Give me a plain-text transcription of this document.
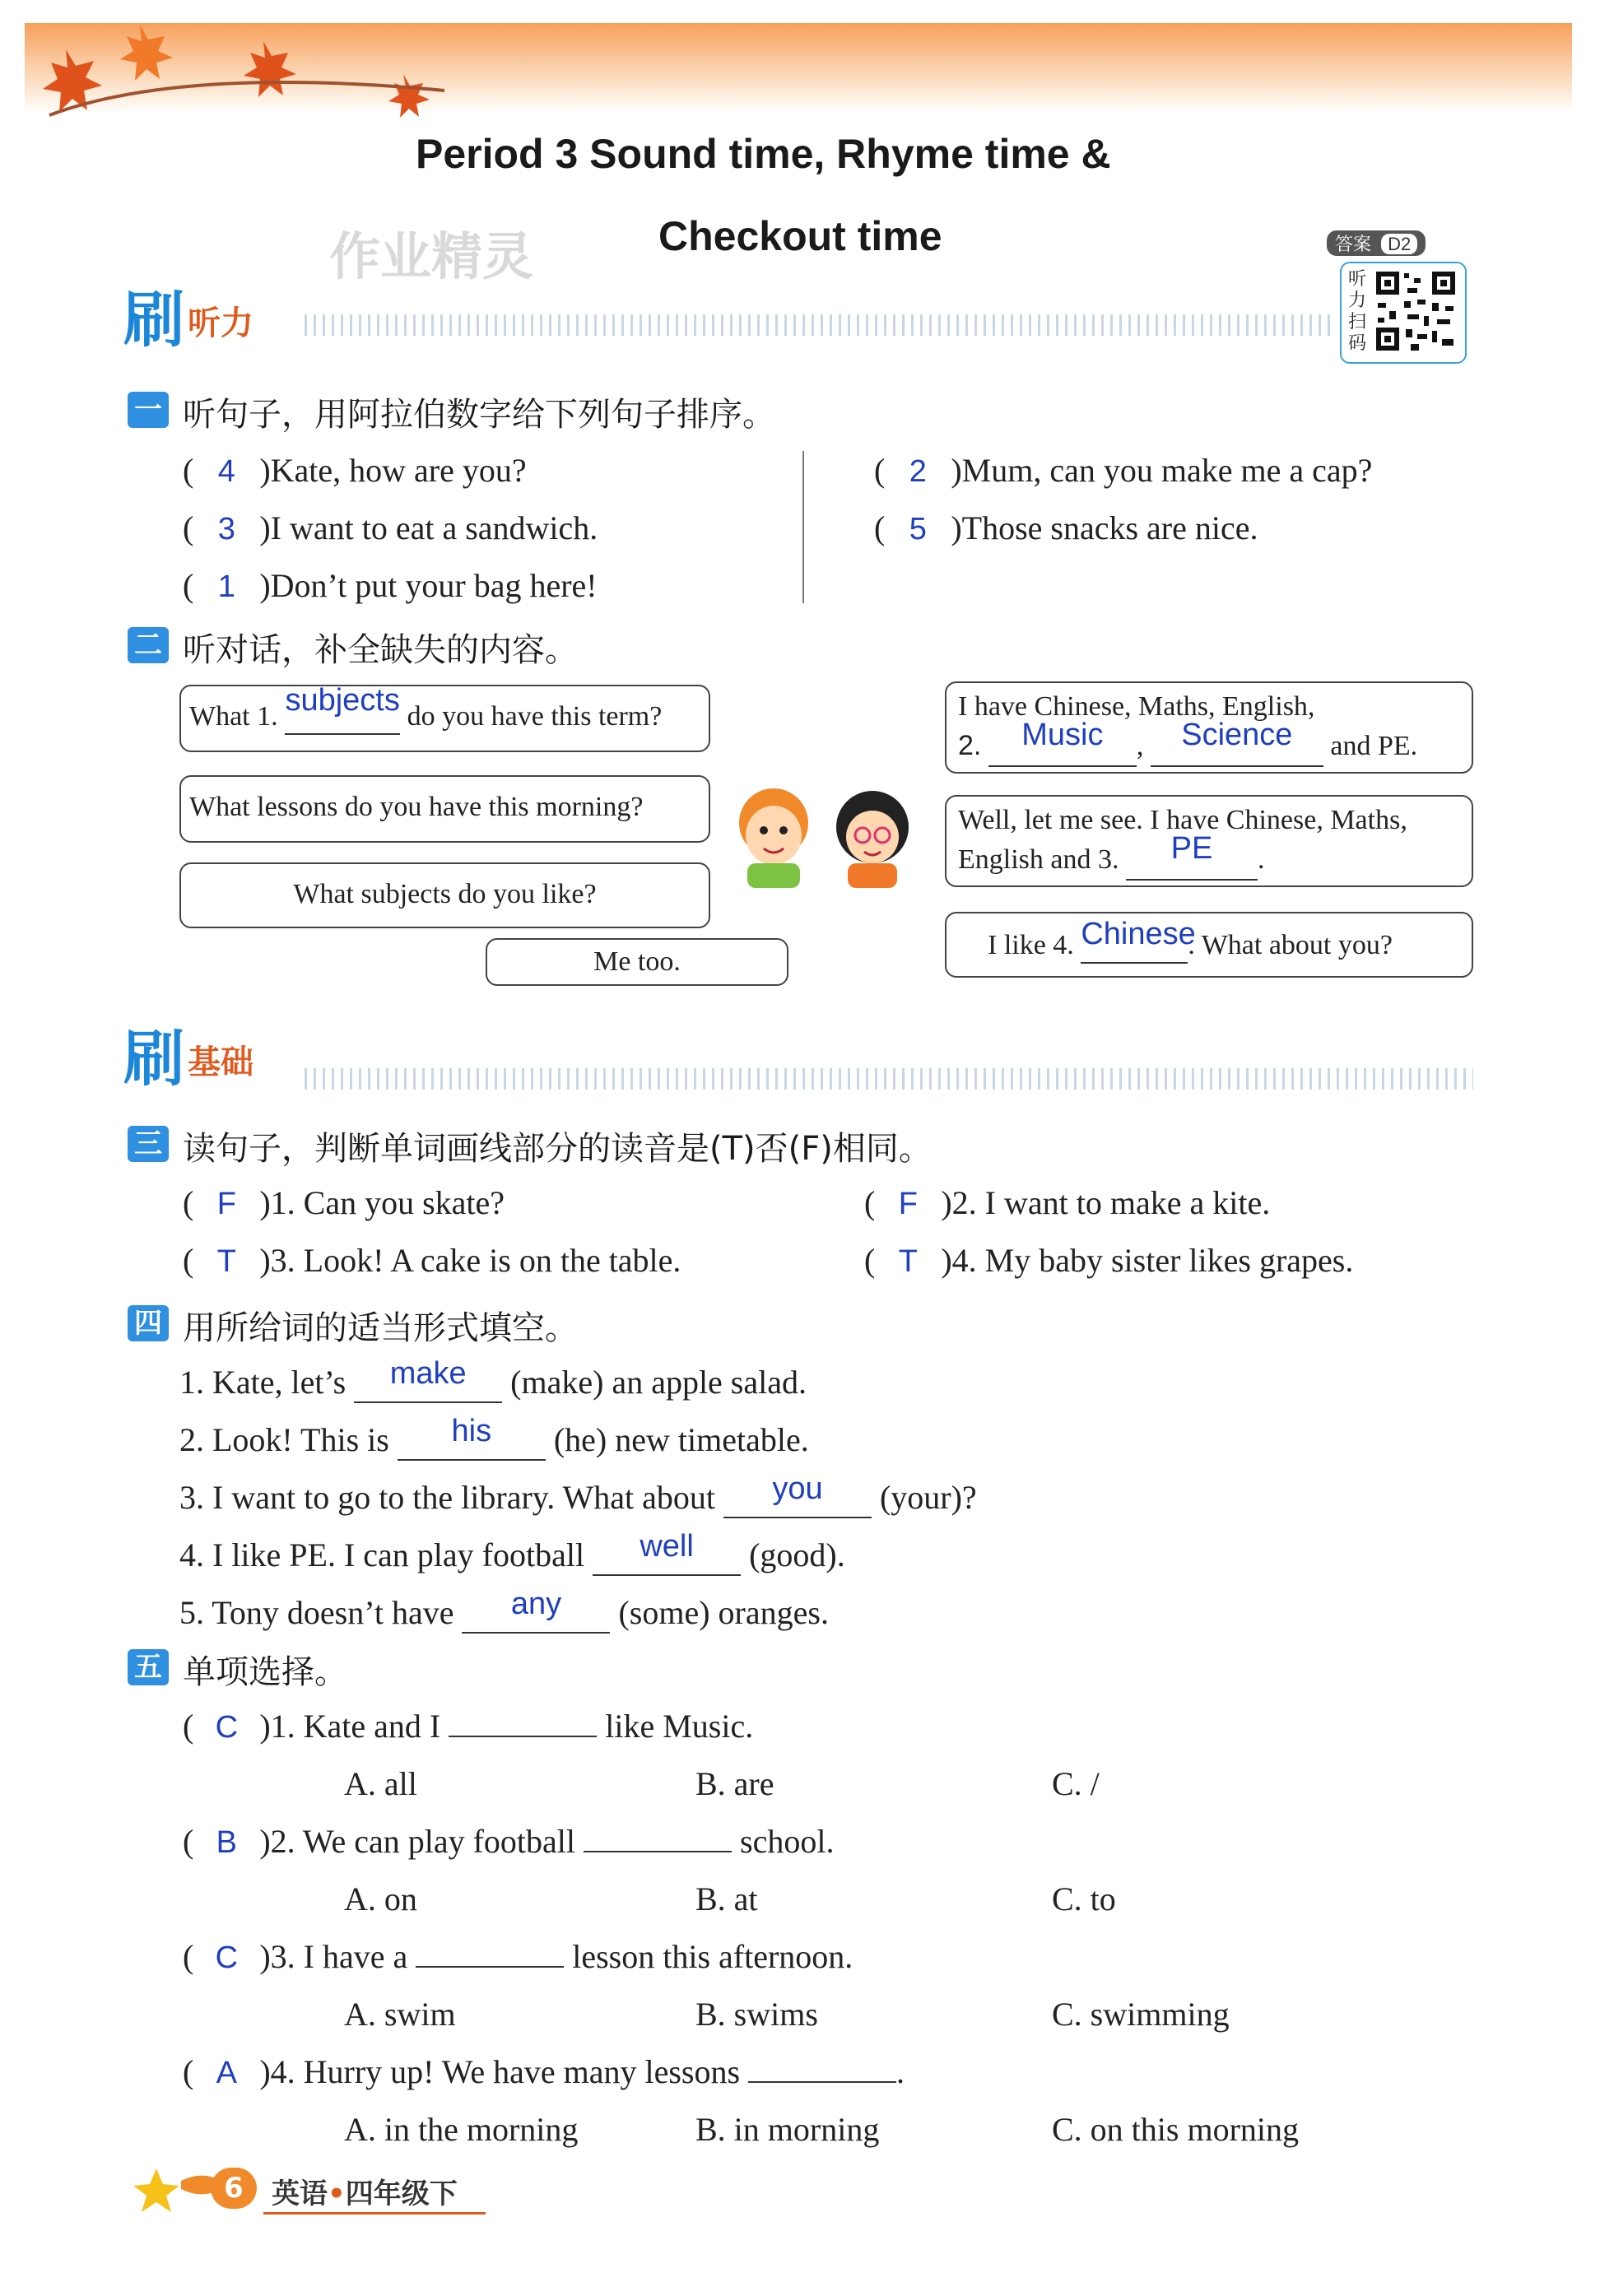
Period 3 Sound time, Rhyme time &
Checkout time
作业精灵	答案 D2
听力扫码
刷 听力
一 听句子，用阿拉伯数字给下列句子排序。
( 4 )Kate, how are you?
( 3 )I want to eat a sandwich.
( 1 )Don’t put your bag here!
( 2 )Mum, can you make me a cap?
( 5 )Those snacks are nice.
二 听对话，补全缺失的内容。
What 1. subjects do you have this term?
What lessons do you have this morning?
What subjects do you like?
Me too.
I have Chinese, Maths, English,
2. Music , Science and PE.
Well, let me see. I have Chinese, Maths,
English and 3. PE .
I like 4. Chinese. What about you?
刷 基础
三 读句子，判断单词画线部分的读音是(T)否(F)相同。
( F )1. Can you skate?	( F )2. I want to make a kite.
( T )3. Look! A cake is on the table.	( T )4. My baby sister likes grapes.
四 用所给词的适当形式填空。
1. Kate, let’s make (make) an apple salad.
2. Look! This is his (he) new timetable.
3. I want to go to the library. What about you (your)?
4. I like PE. I can play football well (good).
5. Tony doesn’t have any (some) oranges.
五 单项选择。
( C )1. Kate and I	like Music.
A. all	B. are	C. /
( B )2. We can play football	school.
A. on	B. at	C. to
( C )3. I have a	lesson this afternoon.
A. swim	B. swims	C. swimming
( A )4. Hurry up! We have many lessons	.
A. in the morning	B. in morning	C. on this morning
6	英语•四年级下
